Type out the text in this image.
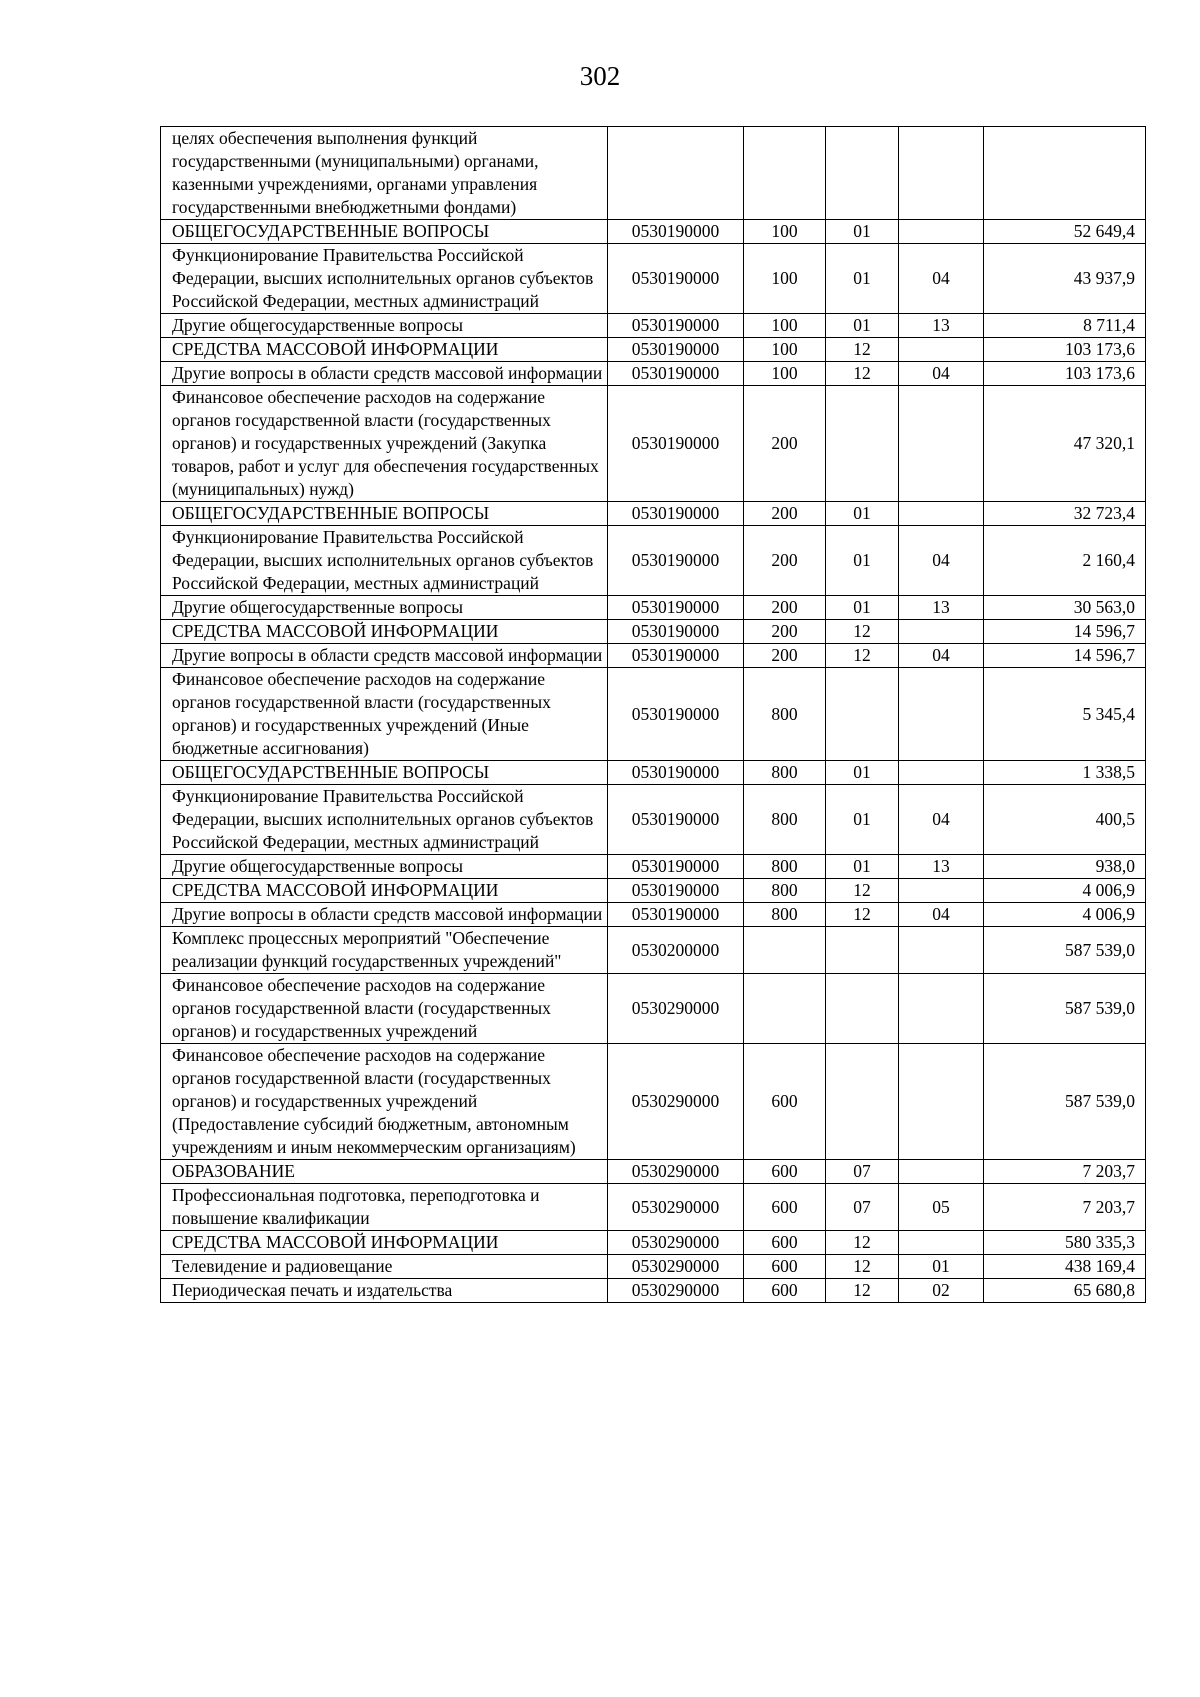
302
целях обеспечения выполнения функций государственными (муниципальными) органами, казенными учреждениями, органами управления государственными внебюджетными фондами)					
ОБЩЕГОСУДАРСТВЕННЫЕ ВОПРОСЫ	0530190000	100	01		52 649,4
Функционирование Правительства Российской Федерации, высших исполнительных органов субъектов Российской Федерации, местных администраций	0530190000	100	01	04	43 937,9
Другие общегосударственные вопросы	0530190000	100	01	13	8 711,4
СРЕДСТВА МАССОВОЙ ИНФОРМАЦИИ	0530190000	100	12		103 173,6
Другие вопросы в области средств массовой информации	0530190000	100	12	04	103 173,6
Финансовое обеспечение расходов на содержание органов государственной власти (государственных органов) и государственных учреждений (Закупка товаров, работ и услуг для обеспечения государственных (муниципальных) нужд)	0530190000	200			47 320,1
ОБЩЕГОСУДАРСТВЕННЫЕ ВОПРОСЫ	0530190000	200	01		32 723,4
Функционирование Правительства Российской Федерации, высших исполнительных органов субъектов Российской Федерации, местных администраций	0530190000	200	01	04	2 160,4
Другие общегосударственные вопросы	0530190000	200	01	13	30 563,0
СРЕДСТВА МАССОВОЙ ИНФОРМАЦИИ	0530190000	200	12		14 596,7
Другие вопросы в области средств массовой информации	0530190000	200	12	04	14 596,7
Финансовое обеспечение расходов на содержание органов государственной власти (государственных органов) и государственных учреждений (Иные бюджетные ассигнования)	0530190000	800			5 345,4
ОБЩЕГОСУДАРСТВЕННЫЕ ВОПРОСЫ	0530190000	800	01		1 338,5
Функционирование Правительства Российской Федерации, высших исполнительных органов субъектов Российской Федерации, местных администраций	0530190000	800	01	04	400,5
Другие общегосударственные вопросы	0530190000	800	01	13	938,0
СРЕДСТВА МАССОВОЙ ИНФОРМАЦИИ	0530190000	800	12		4 006,9
Другие вопросы в области средств массовой информации	0530190000	800	12	04	4 006,9
Комплекс процессных мероприятий "Обеспечение реализации функций государственных учреждений"	0530200000				587 539,0
Финансовое обеспечение расходов на содержание органов государственной власти (государственных органов) и государственных учреждений	0530290000				587 539,0
Финансовое обеспечение расходов на содержание органов государственной власти (государственных органов) и государственных учреждений (Предоставление субсидий бюджетным, автономным учреждениям и иным некоммерческим организациям)	0530290000	600			587 539,0
ОБРАЗОВАНИЕ	0530290000	600	07		7 203,7
Профессиональная подготовка, переподготовка и повышение квалификации	0530290000	600	07	05	7 203,7
СРЕДСТВА МАССОВОЙ ИНФОРМАЦИИ	0530290000	600	12		580 335,3
Телевидение и радиовещание	0530290000	600	12	01	438 169,4
Периодическая печать и издательства	0530290000	600	12	02	65 680,8
